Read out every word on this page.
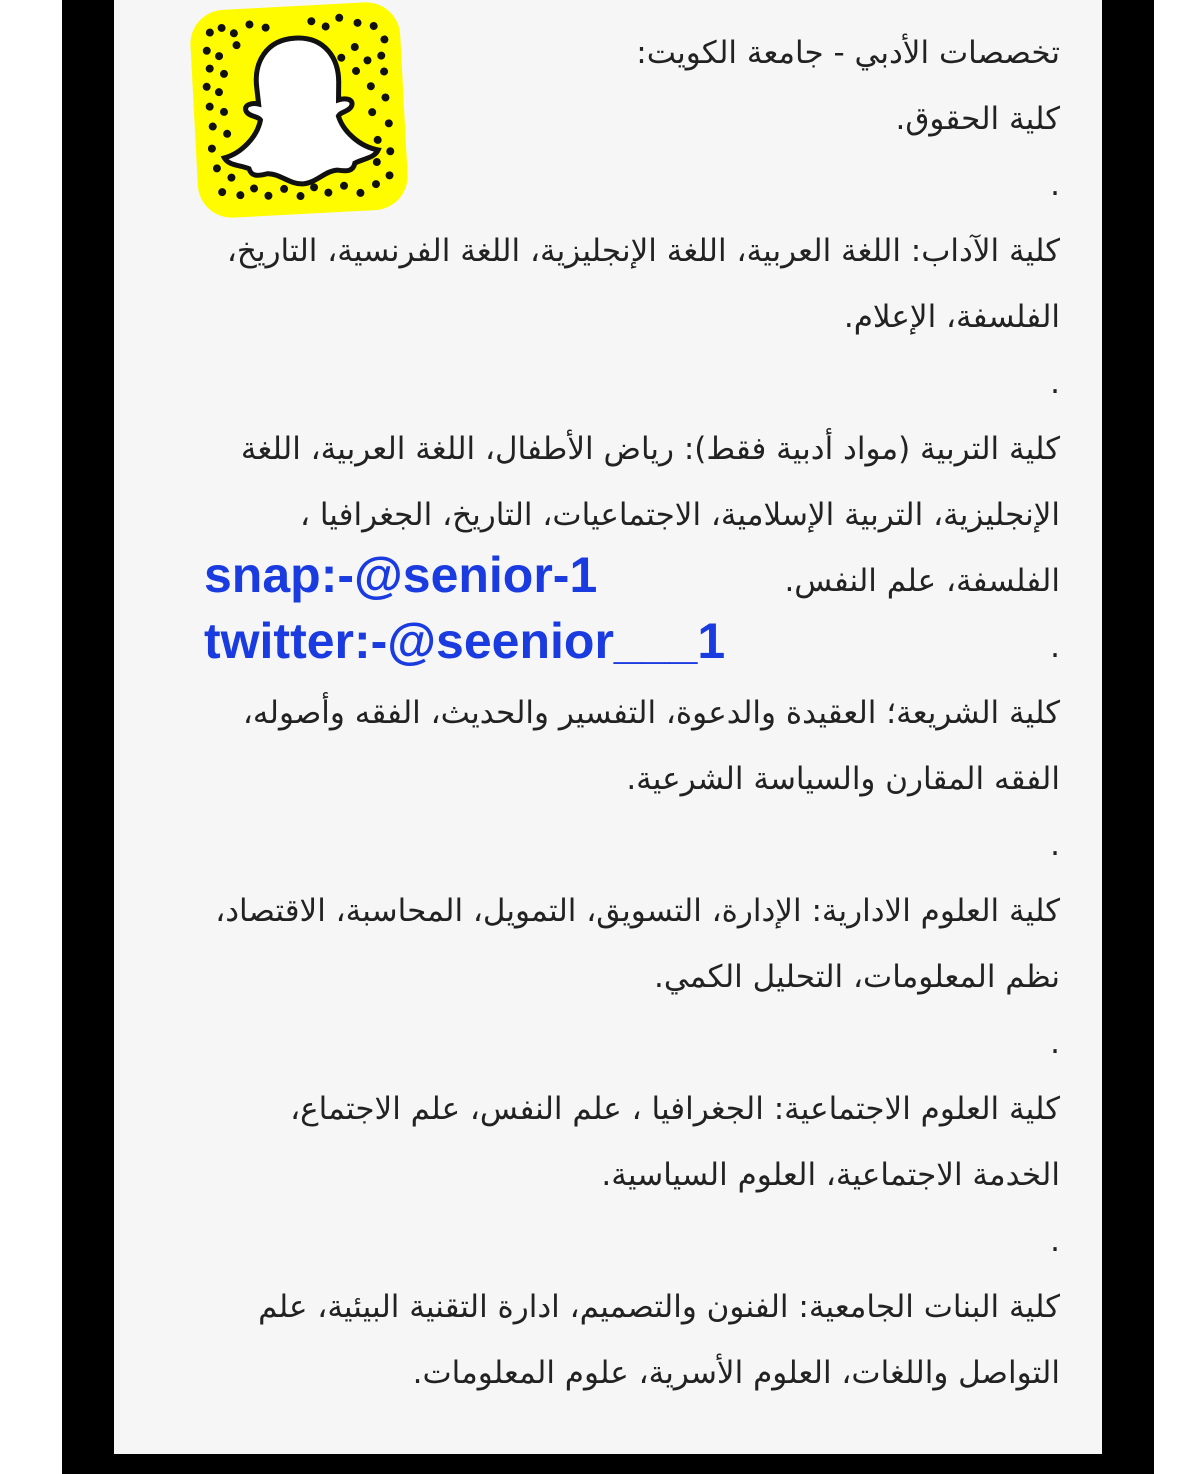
تخصصات الأدبي - جامعة الكويت:

كلية الحقوق.

.

كلية الآداب: اللغة العربية، اللغة الإنجليزية، اللغة الفرنسية، التاريخ،

الفلسفة، الإعلام.

.

كلية التربية (مواد أدبية فقط): رياض الأطفال، اللغة العربية، اللغة

الإنجليزية، التربية الإسلامية، الاجتماعيات، التاريخ، الجغرافيا ،

الفلسفة، علم النفس.

.

كلية الشريعة؛ العقيدة والدعوة، التفسير والحديث، الفقه وأصوله،

الفقه المقارن والسياسة الشرعية.

.

كلية العلوم الادارية: الإدارة، التسويق، التمويل، المحاسبة، الاقتصاد،

نظم المعلومات، التحليل الكمي.

.

كلية العلوم الاجتماعية: الجغرافيا ، علم النفس، علم الاجتماع،

الخدمة الاجتماعية، العلوم السياسية.

.

كلية البنات الجامعية: الفنون والتصميم، ادارة التقنية البيئية، علم

التواصل واللغات، العلوم الأسرية، علوم المعلومات.

snap:-@senior-1
twitter:-@seenior___1
